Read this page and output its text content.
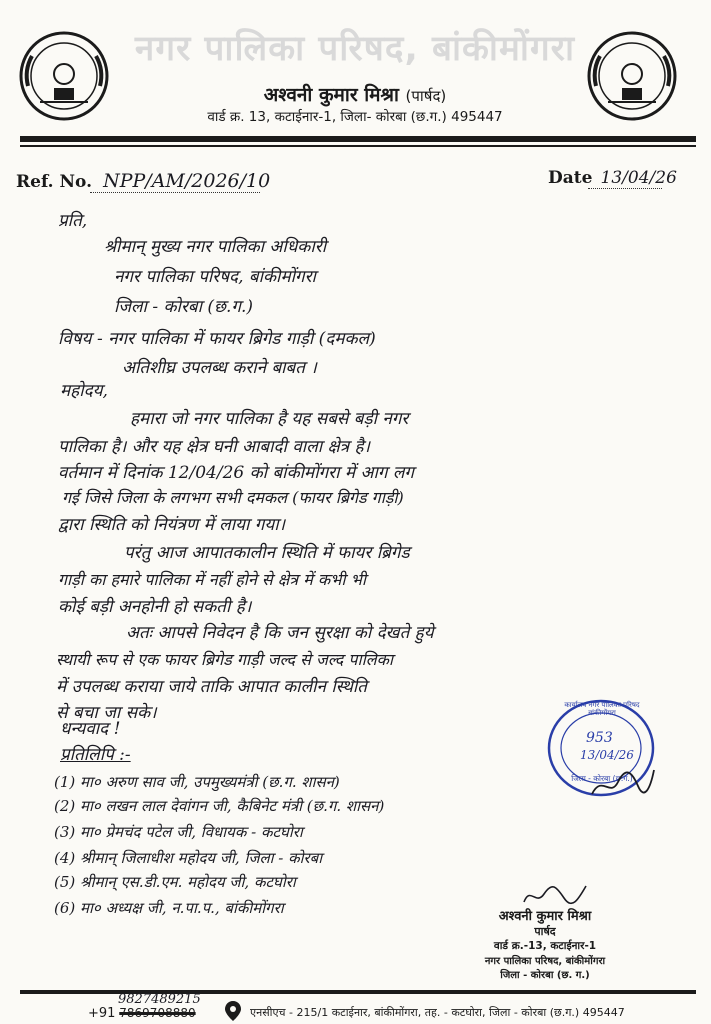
नगर पालिका परिषद, बांकीमोंगरा
अश्वनी कुमार मिश्रा (पार्षद)
वार्ड क्र. 13, कटाईनार-1, जिला- कोरबा (छ.ग.) 495447
Ref. No. NPP/AM/2026/10	Date 13/04/26
प्रति,
श्रीमान् मुख्य नगर पालिका अधिकारी
नगर पालिका परिषद, बांकीमोंगरा
जिला - कोरबा (छ.ग.)
विषय - नगर पालिका में फायर ब्रिगेड गाड़ी (दमकल)
अतिशीघ्र उपलब्ध कराने बाबत ।
महोदय,
हमारा जो नगर पालिका है यह सबसे बड़ी नगर
पालिका है। और यह क्षेत्र घनी आबादी वाला क्षेत्र है।
वर्तमान में दिनांक 12/04/26 को बांकीमोंगरा में आग लग
गई जिसे जिला के लगभग सभी दमकल (फायर ब्रिगेड गाड़ी)
द्वारा स्थिति को नियंत्रण में लाया गया।
परंतु आज आपातकालीन स्थिति में फायर ब्रिगेड
गाड़ी का हमारे पालिका में नहीं होने से क्षेत्र में कभी भी
कोई बड़ी अनहोनी हो सकती है।
अतः आपसे निवेदन है कि जन सुरक्षा को देखते हुये
स्थायी रूप से एक फायर ब्रिगेड गाड़ी जल्द से जल्द पालिका
में उपलब्ध कराया जाये ताकि आपात कालीन स्थिति
से बचा जा सके।
धन्यवाद !
प्रतिलिपि :-
(1) मा० अरुण साव जी, उपमुख्यमंत्री (छ.ग. शासन)
(2) मा० लखन लाल देवांगन जी, कैबिनेट मंत्री (छ.ग. शासन)
(3) मा० प्रेमचंद पटेल जी, विधायक - कटघोरा
(4) श्रीमान् जिलाधीश महोदय जी, जिला - कोरबा
(5) श्रीमान् एस.डी.एम. महोदय जी, कटघोरा
(6) मा० अध्यक्ष जी, न.पा.प., बांकीमोंगरा
कार्यालय नगर पालिका परिषद बांकीमोंगरा
953
13/04/26
जिला - कोरबा (छ.ग.)
अश्वनी कुमार मिश्रा
पार्षद
वार्ड क्र.-13, कटाईनार-1
नगर पालिका परिषद, बांकीमोंगरा
जिला - कोरबा (छ. ग.)
9827489215
+91 7869708880	एनसीएच - 215/1 कटाईनार, बांकीमोंगरा, तह. - कटघोरा, जिला - कोरबा (छ.ग.) 495447
